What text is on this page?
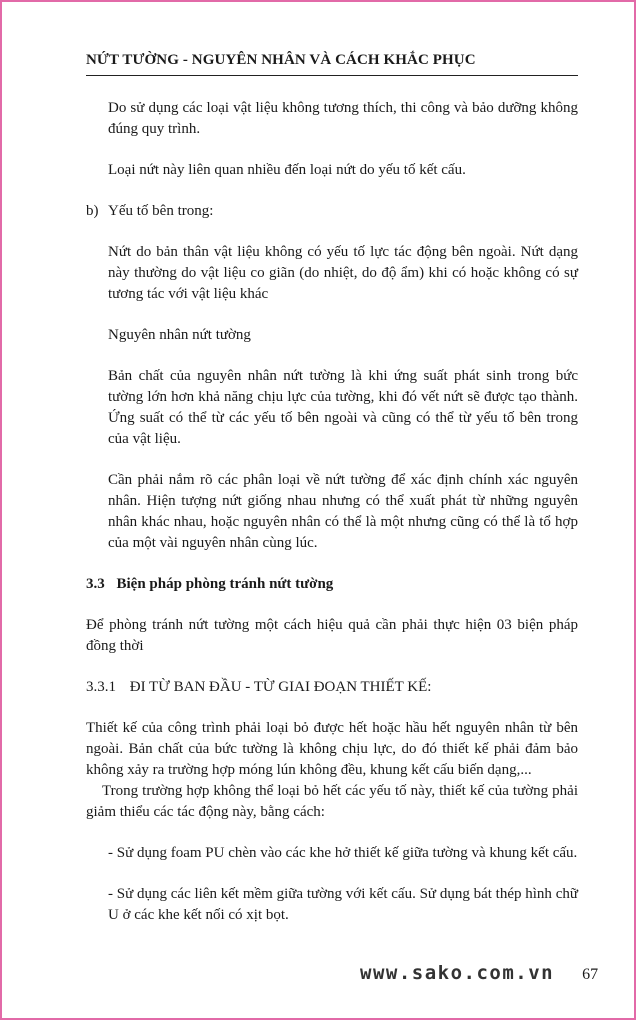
NỨT TƯỜNG - NGUYÊN NHÂN VÀ CÁCH KHẮC PHỤC

Do sử dụng các loại vật liệu không tương thích, thi công và bảo dưỡng không đúng quy trình.

Loại nứt này liên quan nhiều đến loại nứt do yếu tố kết cấu.

b) Yếu tố bên trong:

Nứt do bản thân vật liệu không có yếu tố lực tác động bên ngoài. Nứt dạng này thường do vật liệu co giãn (do nhiệt, do độ ẩm) khi có hoặc không có sự tương tác với vật liệu khác

Nguyên nhân nứt tường

Bản chất của nguyên nhân nứt tường là khi ứng suất phát sinh trong bức tường lớn hơn khả năng chịu lực của tường, khi đó vết nứt sẽ được tạo thành. Ứng suất có thể từ các yếu tố bên ngoài và cũng có thể từ yếu tố bên trong của vật liệu.

Cần phải nắm rõ các phân loại về nứt tường để xác định chính xác nguyên nhân. Hiện tượng nứt giống nhau nhưng có thể xuất phát từ những nguyên nhân khác nhau, hoặc nguyên nhân có thể là một nhưng cũng có thể là tổ hợp của một vài nguyên nhân cùng lúc.

3.3 Biện pháp phòng tránh nứt tường

Để phòng tránh nứt tường một cách hiệu quả cần phải thực hiện 03 biện pháp đồng thời

3.3.1 ĐI TỪ BAN ĐẦU - TỪ GIAI ĐOẠN THIẾT KẾ:

Thiết kế của công trình phải loại bỏ được hết hoặc hầu hết nguyên nhân từ bên ngoài. Bản chất của bức tường là không chịu lực, do đó thiết kế phải đảm bảo không xảy ra trường hợp móng lún không đều, khung kết cấu biến dạng,...

Trong trường hợp không thể loại bỏ hết các yếu tố này, thiết kế của tường phải giảm thiểu các tác động này, bằng cách:

- Sử dụng foam PU chèn vào các khe hở thiết kế giữa tường và khung kết cấu.

- Sử dụng các liên kết mềm giữa tường với kết cấu. Sử dụng bát thép hình chữ U ở các khe kết nối có xịt bọt.

www.sako.com.vn 67
